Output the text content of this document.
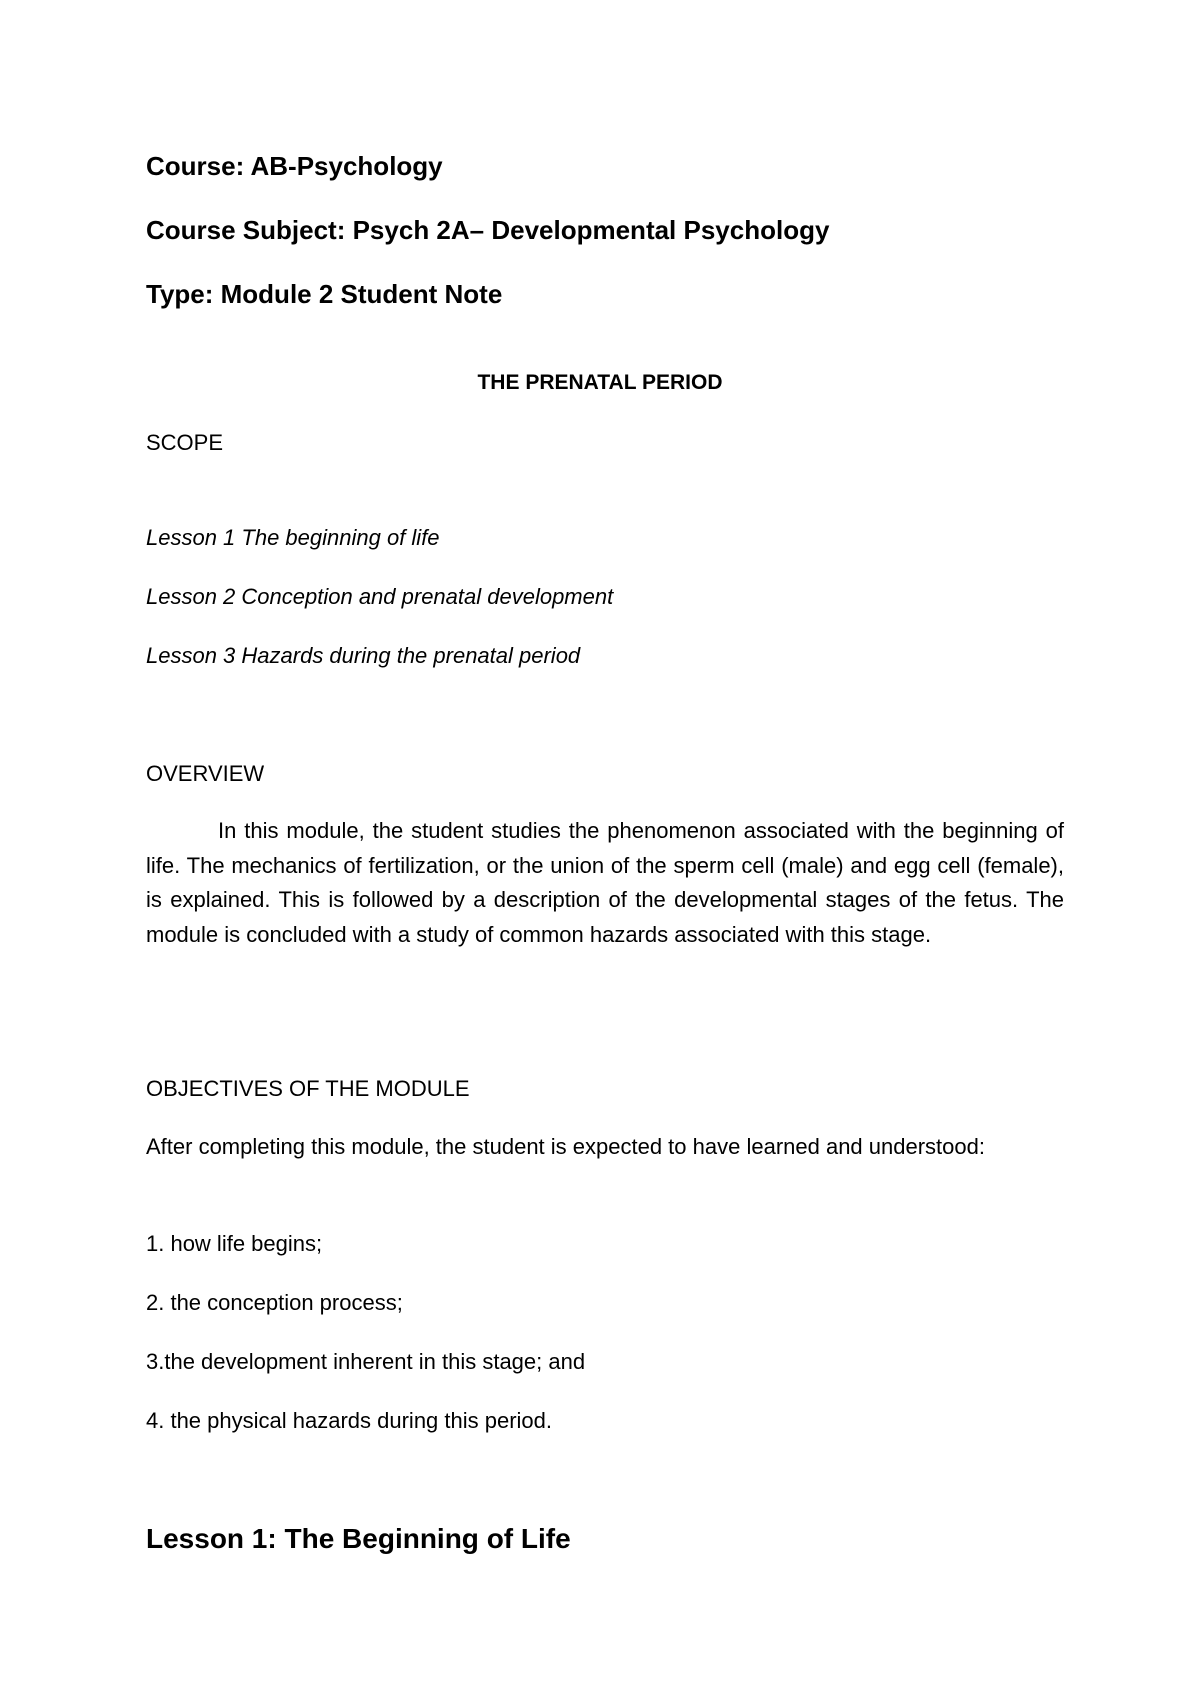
Course: AB-Psychology
Course Subject: Psych 2A– Developmental Psychology
Type: Module 2 Student Note
THE PRENATAL PERIOD
SCOPE
Lesson 1 The beginning of life
Lesson 2 Conception and prenatal development
Lesson 3 Hazards during the prenatal period
OVERVIEW
In this module, the student studies the phenomenon associated with the beginning of life. The mechanics of fertilization, or the union of the sperm cell (male) and egg cell (female), is explained. This is followed by a description of the developmental stages of the fetus. The module is concluded with a study of common hazards associated with this stage.
OBJECTIVES OF THE MODULE
After completing this module, the student is expected to have learned and understood:
1. how life begins;
2. the conception process;
3.the development inherent in this stage; and
4. the physical hazards during this period.
Lesson 1: The Beginning of Life
